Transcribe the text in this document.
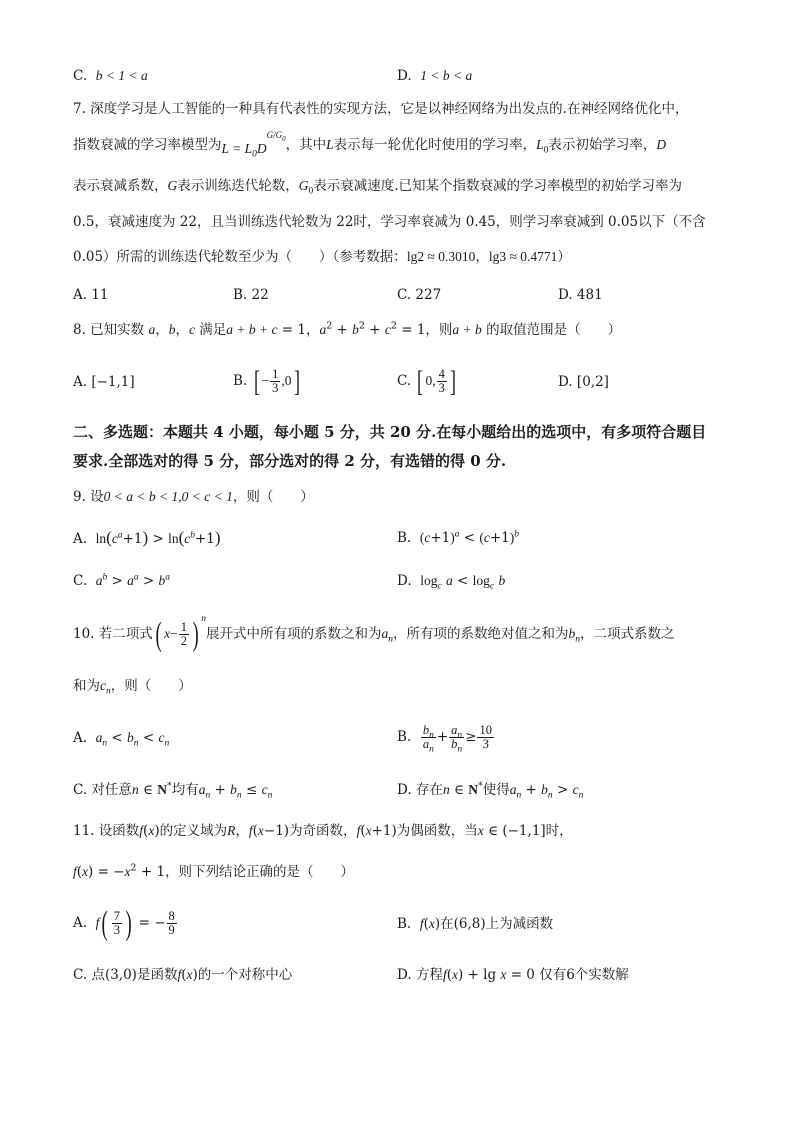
C. b < 1 < a	D. 1 < b < a
7. 深度学习是人工智能的一种具有代表性的实现方法，它是以神经网络为出发点的.在神经网络优化中，
指数衰减的学习率模型为$L = L_0D^{G/G_0}$，其中L表示每一轮优化时使用的学习率，$L_0$表示初始学习率，D
表示衰减系数，G表示训练迭代轮数，$G_0$表示衰减速度.已知某个指数衰减的学习率模型的初始学习率为
0.5，衰减速度为 22，且当训练迭代轮数为 22时，学习率衰减为 0.45，则学习率衰减到 0.05以下（不含
0.05）所需的训练迭代轮数至少为（　　）（参考数据：lg2 ≈ 0.3010，lg3 ≈ 0.4771）
A. 11	B. 22	C. 227	D. 481
8. 已知实数 a，b，c 满足a + b + c = 1，$a^2 + b^2 + c^2 = 1$，则a + b 的取值范围是（　　）
A. [−1,1]	B. [ − $\frac{1}{3} ,0$]	C. [ 0, $\frac{4}{3}$ ]	D. [0,2]
二、多选题：本题共 4 小题，每小题 5 分，共 20 分.在每小题给出的选项中，有多项符合题目
要求.全部选对的得 5 分，部分选对的得 2 分，有选错的得 0 分.
9. 设0 < a < b < 1,0 < c < 1，则（　　）
A. $\ln(c^a+1) > \ln(c^b+1)$	B. $(c+1)^a < (c+1)^b$
C. $a^b > a^a > b^a$	D. $\log_c a < \log_c b$
10. 若二项式( $x- \frac{1}{2}$ ) $^n$展开式中所有项的系数之和为$a_n$，所有项的系数绝对值之和为$b_n$，二项式系数之
和为$c_n$，则（　　）
A. $a_n < b_n < c_n$	B. $\frac{b_n}{a_n} + \frac{a_n}{b_n} \ge \frac{10}{3}$
C. 对任意n ∈ N*均有$a_n + b_n \le c_n$	D. 存在n ∈ N*使得$a_n + b_n > c_n$
11. 设函数f(x)的定义域为R，f(x−1)为奇函数，f(x+1)为偶函数，当x ∈ (−1,1]时，
$f(x) = -x^2 + 1$，则下列结论正确的是（　　）
A. $f( \frac{7}{3}$ ) = − $\frac{8}{9}$	B. f(x)在(6,8)上为减函数
C. 点(3,0)是函数f(x)的一个对称中心	D. 方程f(x) + lg x = 0 仅有6个实数解
